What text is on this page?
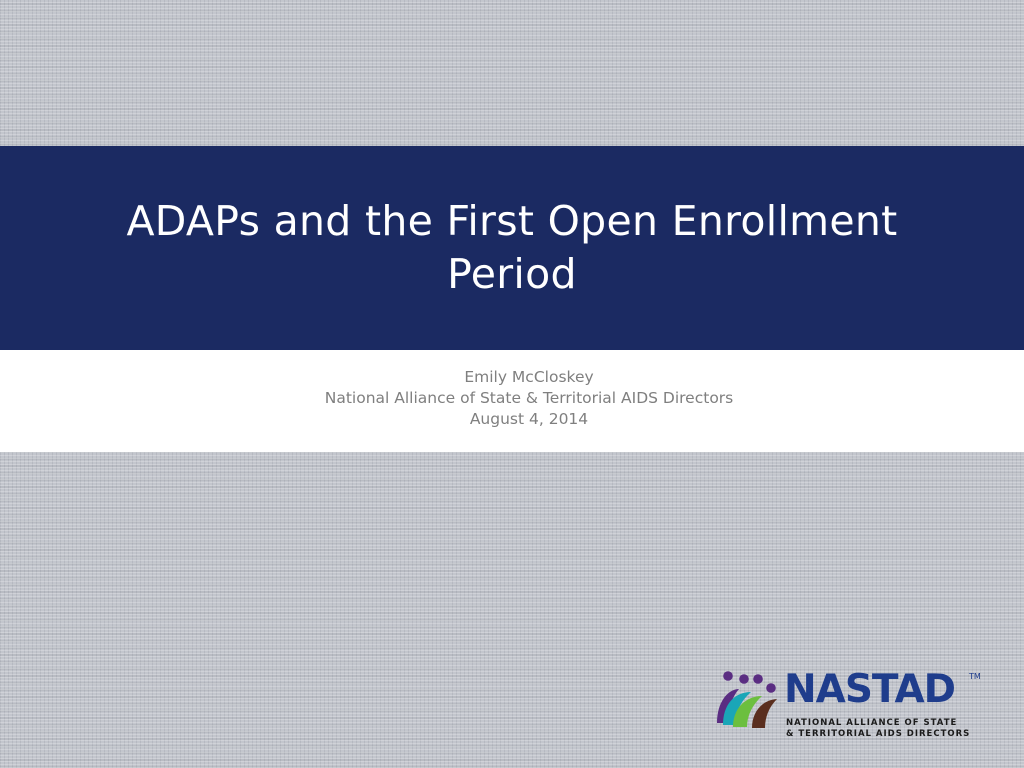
ADAPs and the First Open Enrollment Period
Emily McCloskey
National Alliance of State & Territorial AIDS Directors
August 4, 2014
NASTAD TM
NATIONAL ALLIANCE OF STATE
& TERRITORIAL AIDS DIRECTORS
